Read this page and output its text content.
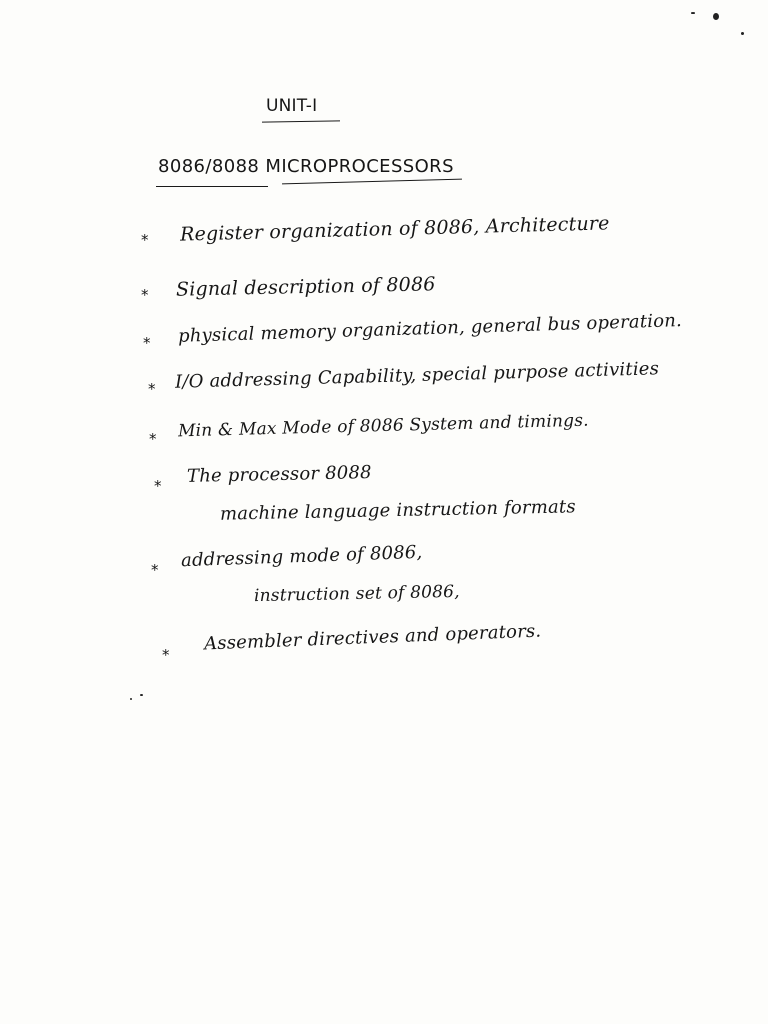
UNIT-I
8086/8088 MICROPROCESSORS
* Register organization of 8086, Architecture
* Signal description of 8086
* physical memory organization, general bus operation.
* I/O addressing Capability, special purpose activities
* Min & Max Mode of 8086 System and timings.
* The processor 8088
machine language instruction formats
* addressing mode of 8086,
instruction set of 8086,
*
Assembler directives and operators.
